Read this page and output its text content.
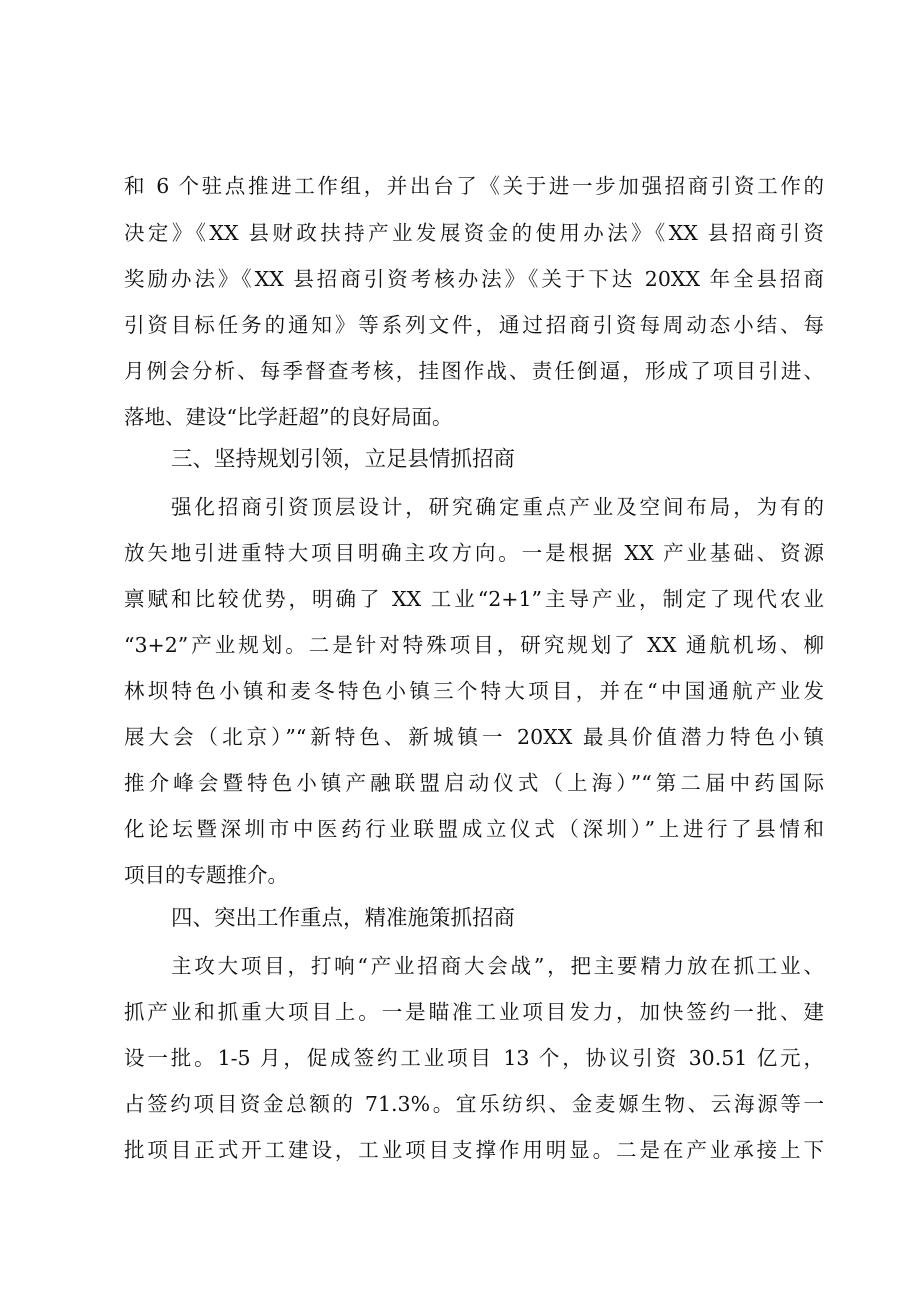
和 6 个驻点推进工作组，并出台了《关于进一步加强招商引资工作的
决定》《XX 县财政扶持产业发展资金的使用办法》《XX 县招商引资
奖励办法》《XX 县招商引资考核办法》《关于下达 20XX 年全县招商
引资目标任务的通知》等系列文件，通过招商引资每周动态小结、每
月例会分析、每季督查考核，挂图作战、责任倒逼，形成了项目引进、
落地、建设“比学赶超”的良好局面。
三、坚持规划引领，立足县情抓招商
强化招商引资顶层设计，研究确定重点产业及空间布局，为有的
放矢地引进重特大项目明确主攻方向。一是根据 XX 产业基础、资源
禀赋和比较优势，明确了 XX 工业“2+1”主导产业，制定了现代农业
“3+2”产业规划。二是针对特殊项目，研究规划了 XX 通航机场、柳
林坝特色小镇和麦冬特色小镇三个特大项目，并在“中国通航产业发
展大会（北京）”“新特色、新城镇一 20XX 最具价值潜力特色小镇
推介峰会暨特色小镇产融联盟启动仪式（上海）”“第二届中药国际
化论坛暨深圳市中医药行业联盟成立仪式（深圳）”上进行了县情和
项目的专题推介。
四、突出工作重点，精准施策抓招商
主攻大项目，打响“产业招商大会战”，把主要精力放在抓工业、
抓产业和抓重大项目上。一是瞄准工业项目发力，加快签约一批、建
设一批。1-5 月，促成签约工业项目 13 个，协议引资 30.51 亿元，
占签约项目资金总额的 71.3%。宜乐纺织、金麦嫄生物、云海源等一
批项目正式开工建设，工业项目支撑作用明显。二是在产业承接上下
